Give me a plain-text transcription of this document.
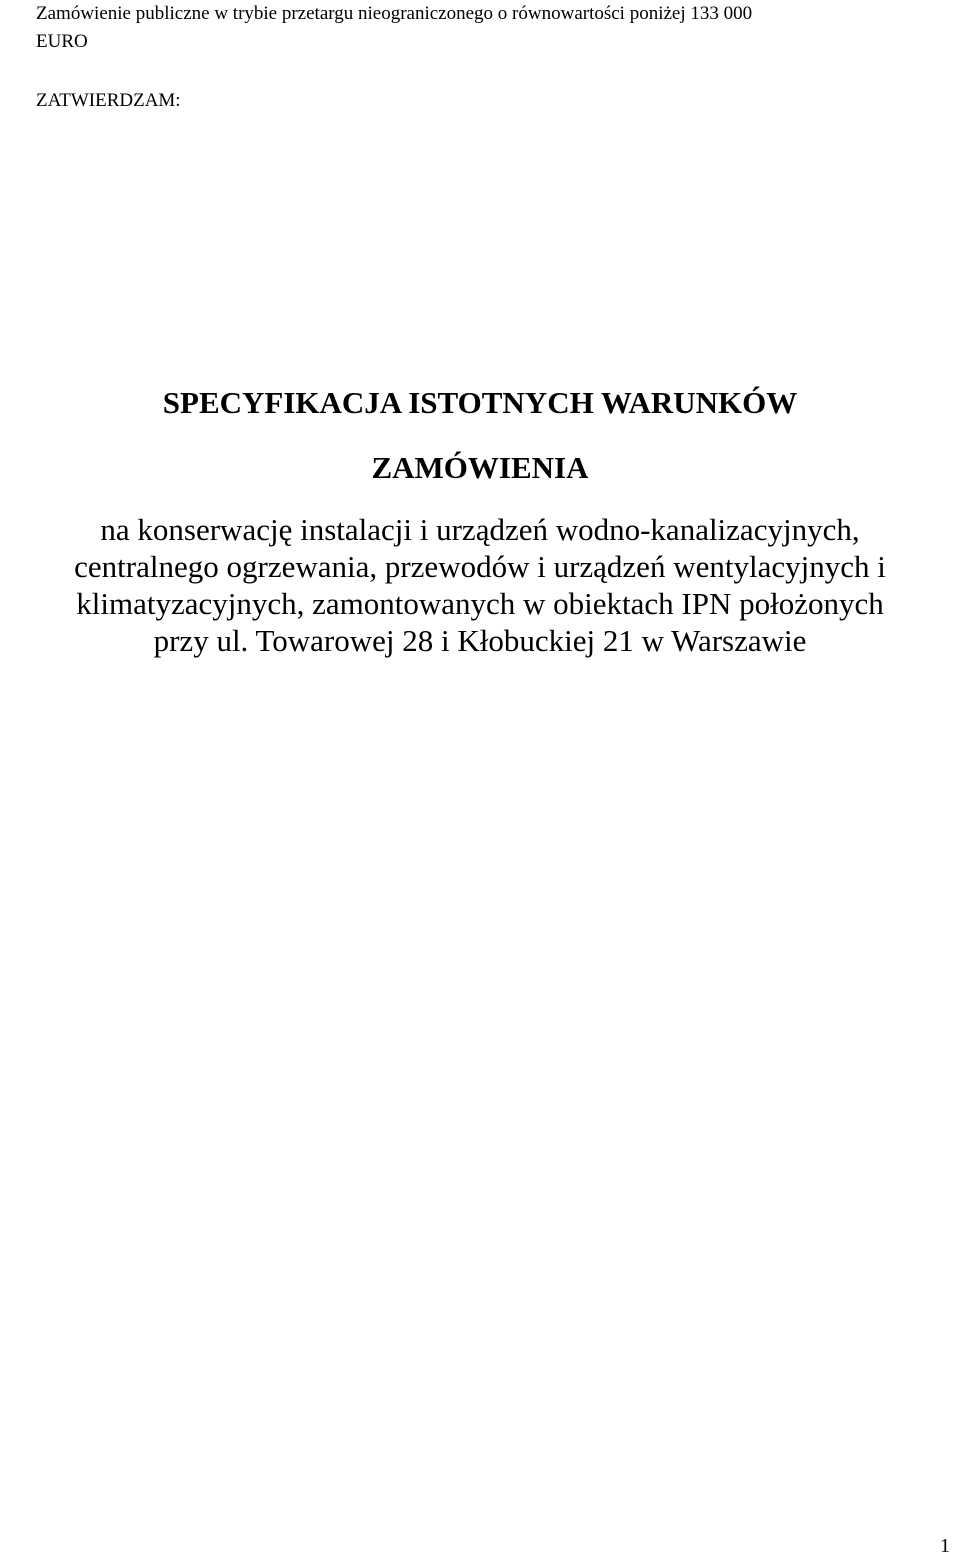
Zamówienie publiczne w trybie przetargu nieograniczonego o równowartości poniżej 133 000

EURO

ZATWIERDZAM:

SPECYFIKACJA ISTOTNYCH WARUNKÓW
ZAMÓWIENIA
na konserwację instalacji i urządzeń wodno-kanalizacyjnych,
centralnego ogrzewania, przewodów i urządzeń wentylacyjnych i
klimatyzacyjnych, zamontowanych w obiektach IPN położonych
przy ul. Towarowej 28 i Kłobuckiej 21 w Warszawie

1
